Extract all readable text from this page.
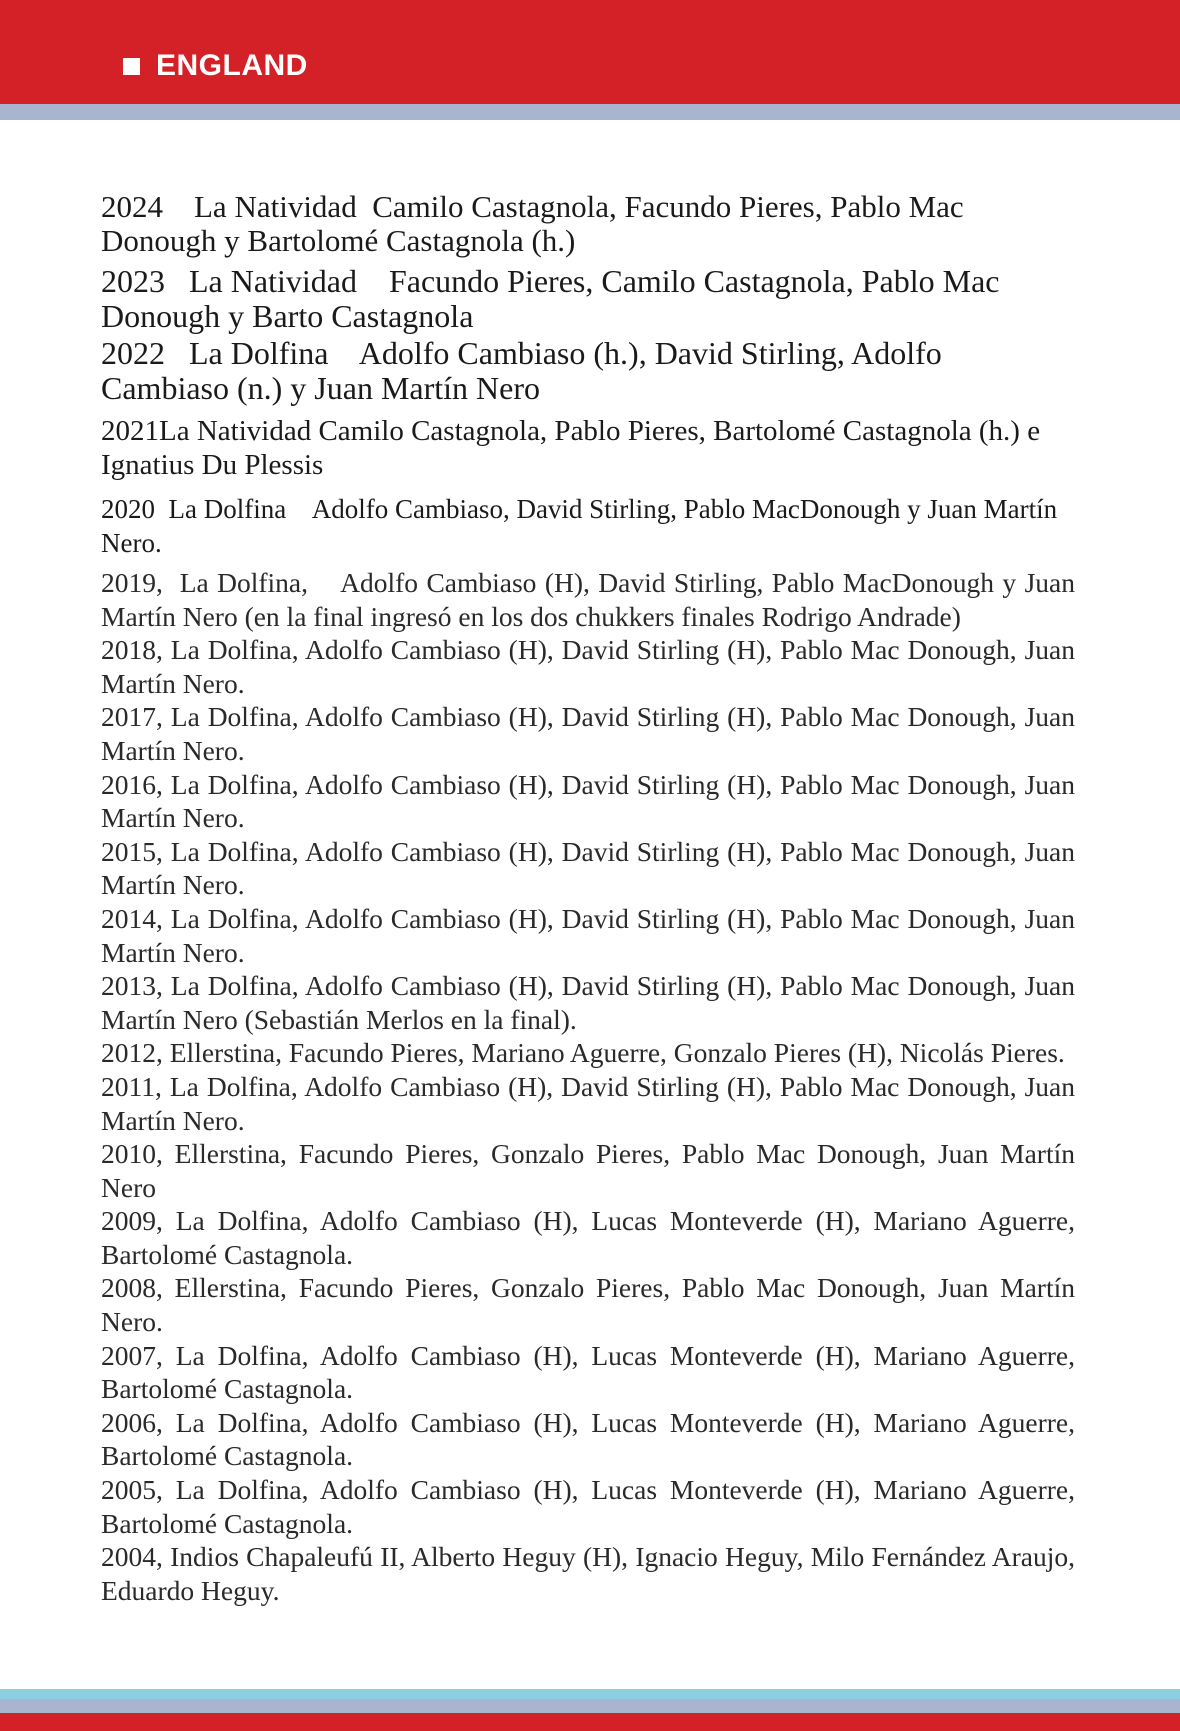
ENGLAND

2024    La Natividad  Camilo Castagnola, Facundo Pieres, Pablo Mac Donough y Bartolomé Castagnola (h.)

2023   La Natividad    Facundo Pieres, Camilo Castagnola, Pablo Mac Donough y Barto Castagnola

2022   La Dolfina    Adolfo Cambiaso (h.), David Stirling, Adolfo Cambiaso (n.) y Juan Martín Nero

2021La Natividad Camilo Castagnola, Pablo Pieres, Bartolomé Castagnola (h.) e Ignatius Du Plessis

2020  La Dolfina    Adolfo Cambiaso, David Stirling, Pablo MacDonough y Juan Martín Nero.

2019,  La Dolfina,    Adolfo Cambiaso (H), David Stirling, Pablo MacDonough y Juan Martín Nero (en la final ingresó en los dos chukkers finales Rodrigo Andrade)

2018, La Dolfina, Adolfo Cambiaso (H), David Stirling (H), Pablo Mac Donough, Juan Martín Nero.

2017, La Dolfina, Adolfo Cambiaso (H), David Stirling (H), Pablo Mac Donough, Juan Martín Nero.

2016, La Dolfina, Adolfo Cambiaso (H), David Stirling (H), Pablo Mac Donough, Juan Martín Nero.

2015, La Dolfina, Adolfo Cambiaso (H), David Stirling (H), Pablo Mac Donough, Juan Martín Nero.

2014, La Dolfina, Adolfo Cambiaso (H), David Stirling (H), Pablo Mac Donough, Juan Martín Nero.

2013, La Dolfina, Adolfo Cambiaso (H), David Stirling (H), Pablo Mac Donough, Juan Martín Nero (Sebastián Merlos en la final).

2012, Ellerstina, Facundo Pieres, Mariano Aguerre, Gonzalo Pieres (H), Nicolás Pieres.

2011, La Dolfina, Adolfo Cambiaso (H), David Stirling (H), Pablo Mac Donough, Juan Martín Nero.

2010, Ellerstina, Facundo Pieres, Gonzalo Pieres, Pablo Mac Donough, Juan Martín Nero

2009, La Dolfina, Adolfo Cambiaso (H), Lucas Monteverde (H), Mariano Aguerre, Bartolomé Castagnola.

2008, Ellerstina, Facundo Pieres, Gonzalo Pieres, Pablo Mac Donough, Juan Martín Nero.

2007, La Dolfina, Adolfo Cambiaso (H), Lucas Monteverde (H), Mariano Aguerre, Bartolomé Castagnola.

2006, La Dolfina, Adolfo Cambiaso (H), Lucas Monteverde (H), Mariano Aguerre, Bartolomé Castagnola.

2005, La Dolfina, Adolfo Cambiaso (H), Lucas Monteverde (H), Mariano Aguerre, Bartolomé Castagnola.

2004, Indios Chapaleufú II, Alberto Heguy (H), Ignacio Heguy, Milo Fernández Araujo, Eduardo Heguy.
